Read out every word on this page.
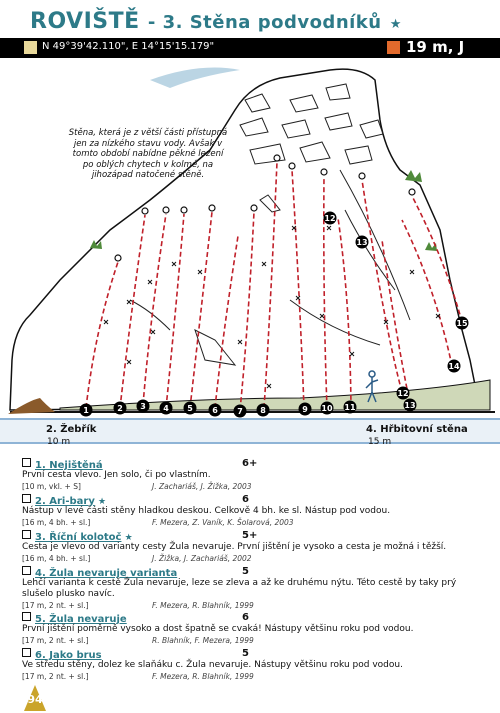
ROVIŠTĚ - 3. Stěna podvodníků ★
N 49°39'42.110", E 14°15'15.179"	19 m, J
Stěna, která je z větší části přístupná jen za nízkého stavu vody. Avšak v tomto období nabídne pěkné lezení po oblých chytech v kolmé, na jihozápad natočené stěně.
1	2 3 4 5 6 7 8	9 10 11
12
13
14
15
12
13
2. Žebřík
10 m
4. Hřbitovní stěna
15 m
1. Nejištěná	6+
První cesta vlevo. Jen solo, či po vlastním.
[10 m, vkl. + S]	J. Zachariáš, J. Žižka, 2003
2. Ari-bary ★	6
Nástup v levé části stěny hladkou deskou. Celkově 4 bh. ke sl. Nástup pod vodou.
[16 m, 4 bh. + sl.]	F. Mezera, Z. Vaník, K. Šolarová, 2003
3. Říční kolotoč ★	5+
Cesta je vlevo od varianty cesty Žula nevaruje. První jištění je vysoko a cesta je možná i těžší.
[16 m, 4 bh. + sl.]	J. Žižka, J. Zachariáš, 2002
4. Žula nevaruje varianta	5
Lehčí varianta k cestě Žula nevaruje, leze se zleva a až ke druhému nýtu. Této cestě by taky prý slušelo plusko navíc.
[17 m, 2 nt. + sl.]	F. Mezera, R. Blahník, 1999
5. Žula nevaruje	6
První jištění poměrně vysoko a dost špatně se cvaká! Nástupy většinu roku pod vodou.
[17 m, 2 nt. + sl.]	R. Blahník, F. Mezera, 1999
6. Jako brus	5
Ve středu stěny, dolez ke slaňáku c. Žula nevaruje. Nástupy většinu roku pod vodou.
[17 m, 2 nt. + sl.]	F. Mezera, R. Blahník, 1999
94
